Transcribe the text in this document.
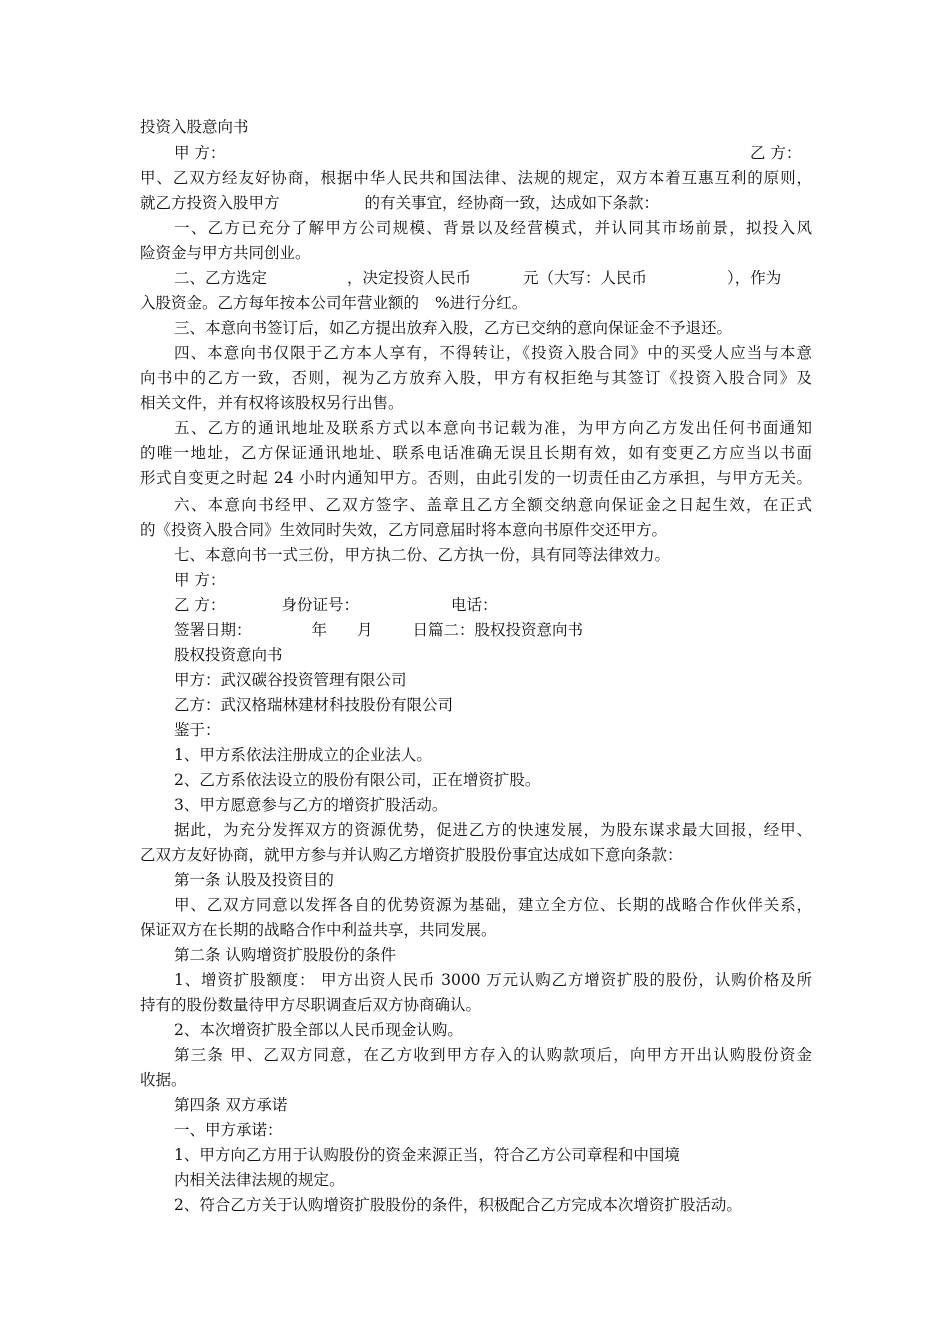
投资入股意向书
甲 方：	乙 方：
甲、乙双方经友好协商，根据中华人民共和国法律、法规的规定，双方本着互惠互利的原则，
就乙方投资入股甲方	的有关事宜，经协商一致，达成如下条款：
一、乙方已充分了解甲方公司规模、背景以及经营模式，并认同其市场前景，拟投入风
险资金与甲方共同创业。
二、乙方选定	，决定投资人民币	元（大写：人民币	），作为
入股资金。乙方每年按本公司年营业额的 %进行分红。
三、本意向书签订后，如乙方提出放弃入股，乙方已交纳的意向保证金不予退还。
四、本意向书仅限于乙方本人享有，不得转让，《投资入股合同》中的买受人应当与本意
向书中的乙方一致，否则，视为乙方放弃入股，甲方有权拒绝与其签订《投资入股合同》及
相关文件，并有权将该股权另行出售。
五、乙方的通讯地址及联系方式以本意向书记载为准，为甲方向乙方发出任何书面通知
的唯一地址，乙方保证通讯地址、联系电话准确无误且长期有效，如有变更乙方应当以书面
形式自变更之时起 24 小时内通知甲方。否则，由此引发的一切责任由乙方承担，与甲方无关。
六、本意向书经甲、乙双方签字、盖章且乙方全额交纳意向保证金之日起生效，在正式
的《投资入股合同》生效同时失效，乙方同意届时将本意向书原件交还甲方。
七、本意向书一式三份，甲方执二份、乙方执一份，具有同等法律效力。
甲 方：
乙 方：	身份证号：	电话：
签署日期：	年 月	日篇二：股权投资意向书
股权投资意向书
甲方：武汉碳谷投资管理有限公司
乙方：武汉格瑞林建材科技股份有限公司
鉴于：
1、甲方系依法注册成立的企业法人。
2、乙方系依法设立的股份有限公司，正在增资扩股。
3、甲方愿意参与乙方的增资扩股活动。
据此，为充分发挥双方的资源优势，促进乙方的快速发展，为股东谋求最大回报，经甲、
乙双方友好协商，就甲方参与并认购乙方增资扩股股份事宜达成如下意向条款：
第一条 认股及投资目的
甲、乙双方同意以发挥各自的优势资源为基础，建立全方位、长期的战略合作伙伴关系，
保证双方在长期的战略合作中利益共享，共同发展。
第二条 认购增资扩股股份的条件
1、增资扩股额度： 甲方出资人民币 3000 万元认购乙方增资扩股的股份，认购价格及所
持有的股份数量待甲方尽职调查后双方协商确认。
2、本次增资扩股全部以人民币现金认购。
第三条 甲、乙双方同意，在乙方收到甲方存入的认购款项后，向甲方开出认购股份资金
收据。
第四条 双方承诺
一、甲方承诺：
1、甲方向乙方用于认购股份的资金来源正当，符合乙方公司章程和中国境
内相关法律法规的规定。
2、符合乙方关于认购增资扩股股份的条件，积极配合乙方完成本次增资扩股活动。
